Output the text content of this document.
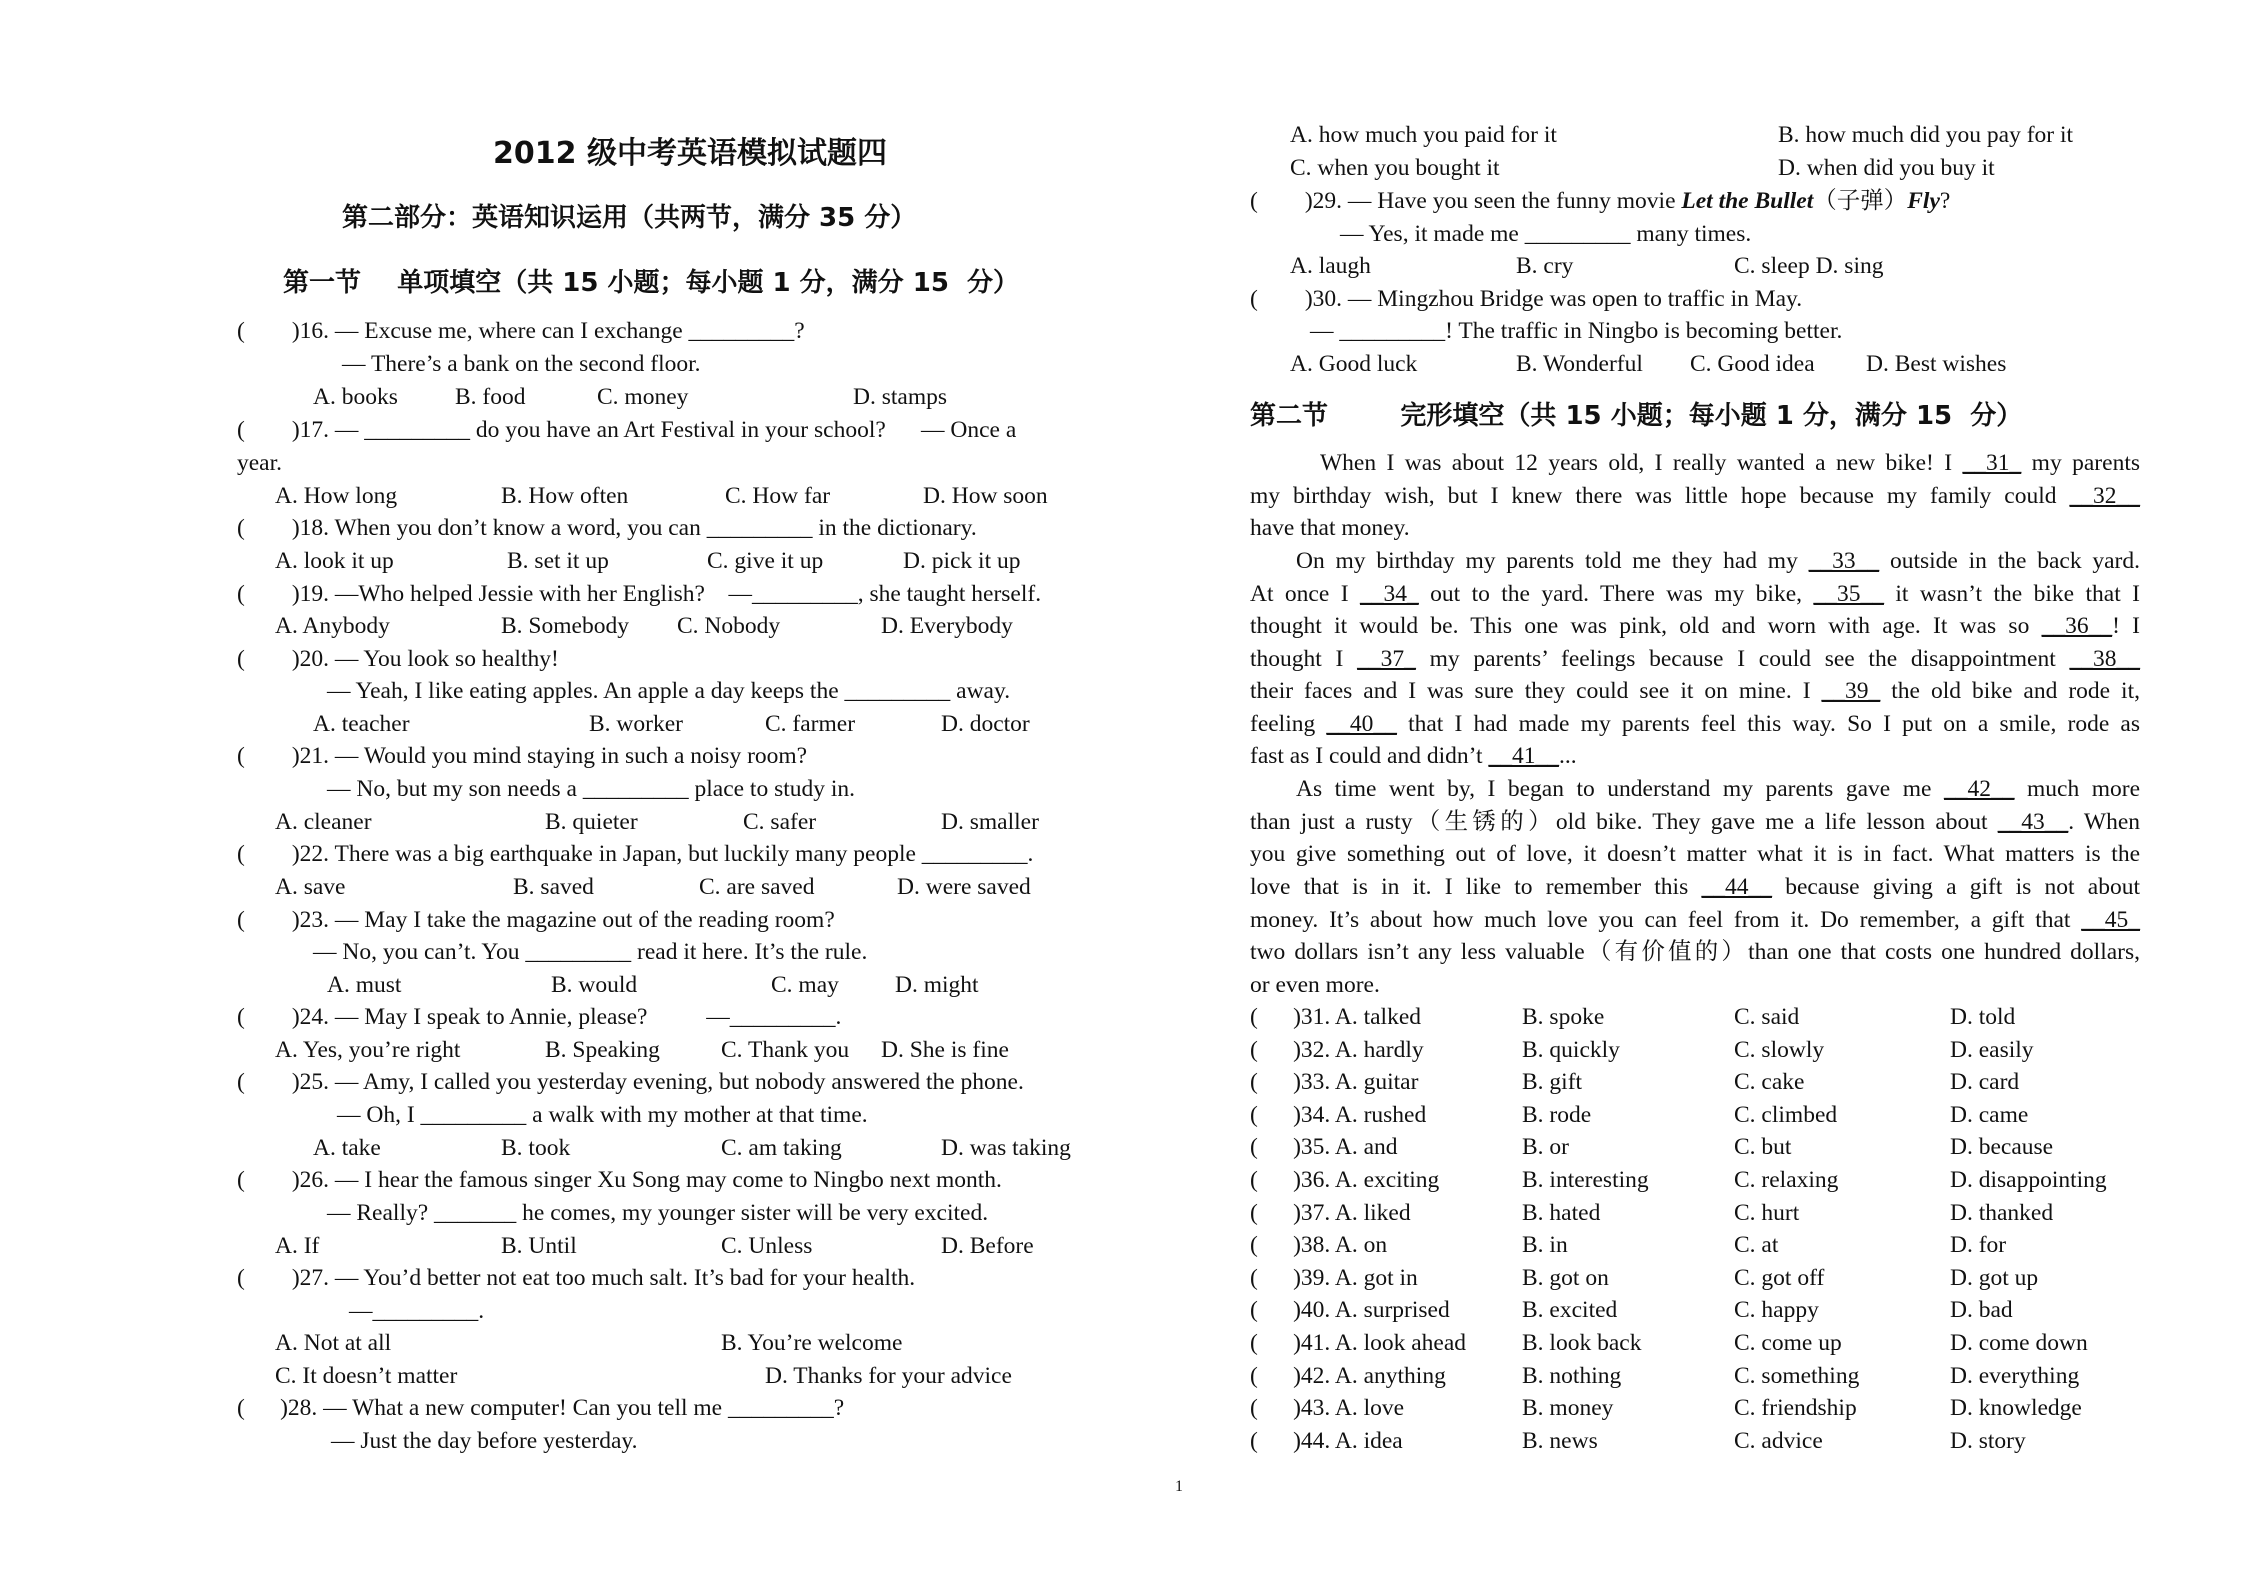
2012 级中考英语模拟试题四
第二部分：英语知识运用（共两节，满分 35 分）
第一节    单项填空（共 15 小题；每小题 1 分，满分 15  分）
(        )16. — Excuse me, where can I exchange _________?
— There’s a bank on the second floor.
A. books B. food	C. money	D. stamps
(        )17. — _________ do you have an Art Festival in your school?      — Once a
year.
A. How long	B. How often	C. How far	D. How soon
(        )18. When you don’t know a word, you can _________ in the dictionary.
A. look it up	B. set it up	C. give it up	D. pick it up
(        )19. —Who helped Jessie with her English?    —_________, she taught herself.
A. Anybody	B. Somebody C. Nobody	D. Everybody
(        )20. — You look so healthy!
— Yeah, I like eating apples. An apple a day keeps the _________ away.
A. teacher	B. worker	C. farmer	D. doctor
(        )21. — Would you mind staying in such a noisy room?
— No, but my son needs a _________ place to study in.
A. cleaner	B. quieter	C. safer	D. smaller
(        )22. There was a big earthquake in Japan, but luckily many people _________.
A. save	B. saved	C. are saved	D. were saved
(        )23. — May I take the magazine out of the reading room?
— No, you can’t. You _________ read it here. It’s the rule.
A. must	B. would	C. may D. might
(        )24. — May I speak to Annie, please?          —_________.
A. Yes, you’re right	B. Speaking	C. Thank you D. She is fine
(        )25. — Amy, I called you yesterday evening, but nobody answered the phone.
— Oh, I _________ a walk with my mother at that time.
A. take	B. took	C. am taking	D. was taking
(        )26. — I hear the famous singer Xu Song may come to Ningbo next month.
— Really? _______ he comes, my younger sister will be very excited.
A. If	B. Until	C. Unless	D. Before
(        )27. — You’d better not eat too much salt. It’s bad for your health.
—_________.
A. Not at all	B. You’re welcome
C. It doesn’t matter	D. Thanks for your advice
(      )28. — What a new computer! Can you tell me _________?
— Just the day before yesterday.
A. how much you paid for it	B. how much did you pay for it
C. when you bought it	D. when did you buy it
(        )29. — Have you seen the funny movie Let the Bullet（子弹）Fly?
— Yes, it made me _________ many times.
A. laugh	B. cry	C. sleep D. sing
(        )30. — Mingzhou Bridge was open to traffic in May.
— _________! The traffic in Ningbo is becoming better.
A. Good luck	B. Wonderful C. Good idea D. Best wishes
第二节        完形填空（共 15 小题；每小题 1 分，满分 15  分）
When I was about 12 years old, I really wanted a new bike! I __31_ my parents
my birthday wish, but I knew there was little hope because my family could __32__
have that money.
On my birthday my parents told me they had my __33__ outside in the back yard.
At once I __34_ out to the yard. There was my bike, __35__ it wasn’t the bike that I
thought it would be. This one was pink, old and worn with age. It was so __36__! I
thought I __37_ my parents’ feelings because I could see the disappointment __38__
their faces and I was sure they could see it on mine. I __39_ the old bike and rode it,
feeling __40__ that I had made my parents feel this way. So I put on a smile, rode as
fast as I could and didn’t __41__...
As time went by, I began to understand my parents gave me __42__ much more
than just a rusty（生锈的）old bike. They gave me a life lesson about __43__. When
you give something out of love, it doesn’t matter what it is in fact. What matters is the
love that is in it. I like to remember this __44__ because giving a gift is not about
money. It’s about how much love you can feel from it. Do remember, a gift that __45_
two dollars isn’t any less valuable（有价值的）than one that costs one hundred dollars,
or even more.
(      )31. A. talked	B. spoke	C. said	D. told
(      )32. A. hardly	B. quickly	C. slowly	D. easily
(      )33. A. guitar	B. gift	C. cake	D. card
(      )34. A. rushed	B. rode	C. climbed	D. came
(      )35. A. and	B. or	C. but	D. because
(      )36. A. exciting	B. interesting	C. relaxing	D. disappointing
(      )37. A. liked	B. hated	C. hurt	D. thanked
(      )38. A. on	B. in	C. at	D. for
(      )39. A. got in	B. got on	C. got off	D. got up
(      )40. A. surprised	B. excited	C. happy	D. bad
(      )41. A. look ahead B. look back	C. come up	D. come down
(      )42. A. anything	B. nothing	C. something	D. everything
(      )43. A. love	B. money	C. friendship	D. knowledge
(      )44. A. idea	B. news	C. advice	D. story
1
